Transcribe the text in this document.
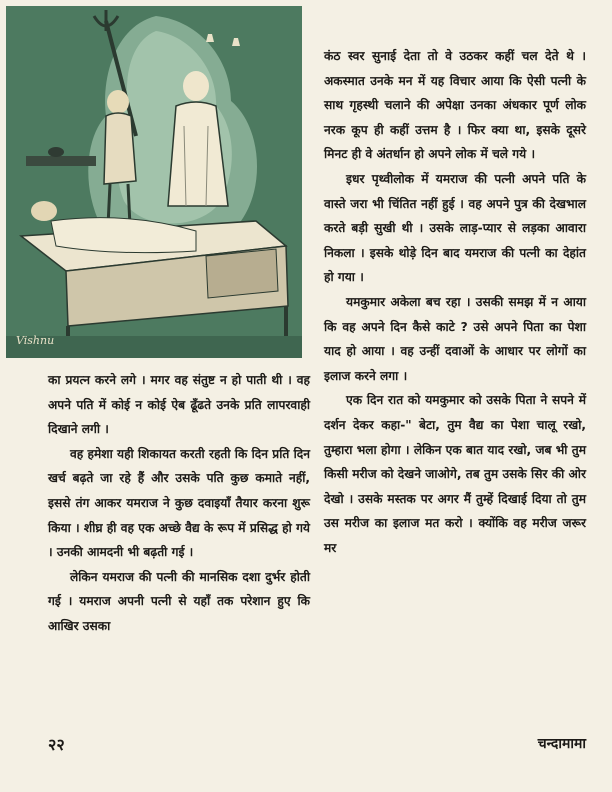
Vishnu

का प्रयत्न करने लगे । मगर वह संतुष्ट न हो पाती थी । वह अपने पति में कोई न कोई ऐब ढूँढते उनके प्रति लापरवाही दिखाने लगी ।

वह हमेशा यही शिकायत करती रहती कि दिन प्रति दिन खर्च बढ़ते जा रहे हैं और उसके पति कुछ कमाते नहीं, इससे तंग आकर यमराज ने कुछ दवाइयाँ तैयार करना शुरू किया । शीघ्र ही वह एक अच्छे वैद्य के रूप में प्रसिद्ध हो गये । उनकी आमदनी भी बढ़ती गई ।

लेकिन यमराज की पत्नी की मानसिक दशा दुर्भर होती गई । यमराज अपनी पत्नी से यहाँ तक परेशान हुए कि आखिर उसका

कंठ स्वर सुनाई देता तो वे उठकर कहीं चल देते थे । अकस्मात उनके मन में यह विचार आया कि ऐसी पत्नी के साथ गृहस्थी चलाने की अपेक्षा उनका अंधकार पूर्ण लोक नरक कूप ही कहीं उत्तम है । फिर क्या था, इसके दूसरे मिनट ही वे अंतर्धान हो अपने लोक में चले गये ।

इधर पृथ्वीलोक में यमराज की पत्नी अपने पति के वास्ते जरा भी चिंतित नहीं हुई । वह अपने पुत्र की देखभाल करते बड़ी सुखी थी । उसके लाड़-प्यार से लड़का आवारा निकला । इसके थोड़े दिन बाद यमराज की पत्नी का देहांत हो गया ।

यमकुमार अकेला बच रहा । उसकी समझ में न आया कि वह अपने दिन कैसे काटे ? उसे अपने पिता का पेशा याद हो आया । वह उन्हीं दवाओं के आधार पर लोगों का इलाज करने लगा ।

एक दिन रात को यमकुमार को उसके पिता ने सपने में दर्शन देकर कहा-" बेटा, तुम वैद्य का पेशा चालू रखो, तुम्हारा भला होगा । लेकिन एक बात याद रखो, जब भी तुम किसी मरीज को देखने जाओगे, तब तुम उसके सिर की ओर देखो । उसके मस्तक पर अगर मैं तुम्हें दिखाई दिया तो तुम उस मरीज का इलाज मत करो । क्योंकि वह मरीज जरूर मर

२२	चन्दामामा
